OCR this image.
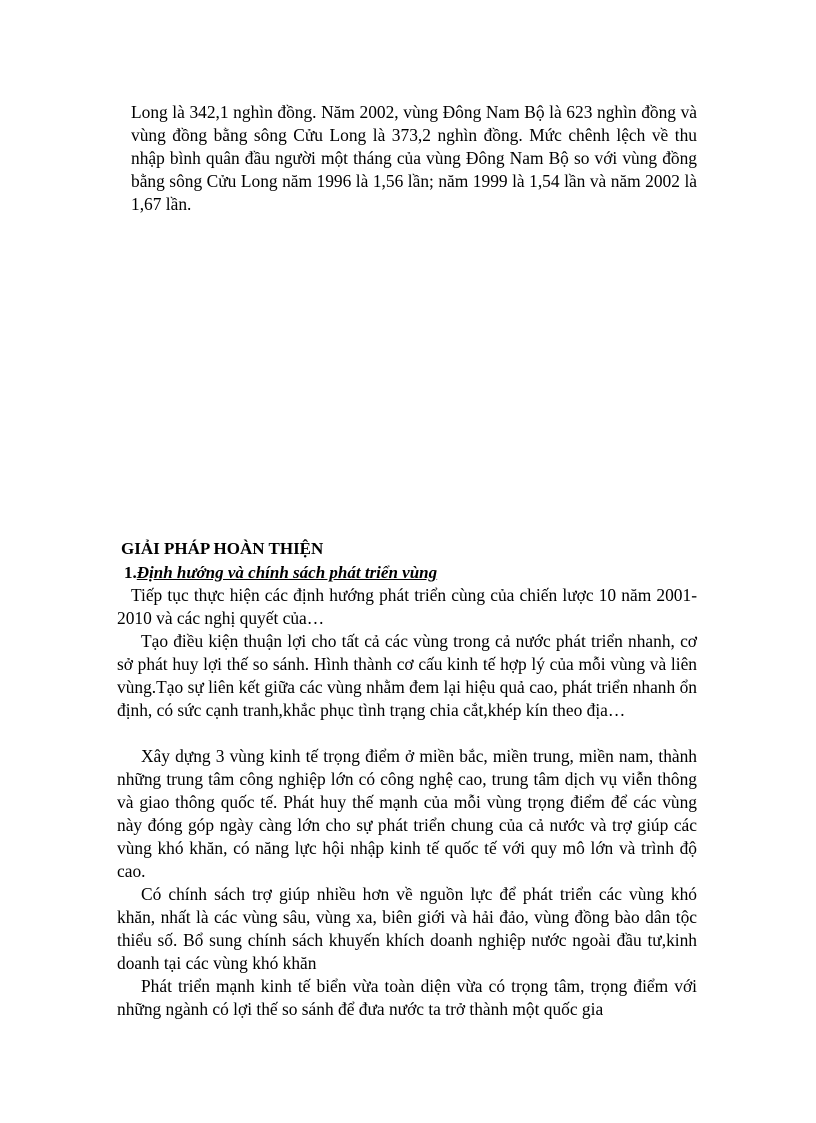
Long là 342,1 nghìn đồng. Năm 2002, vùng Đông Nam Bộ là 623 nghìn đồng và vùng đồng bằng sông Cửu Long là 373,2 nghìn đồng. Mức chênh lệch về thu nhập bình quân đầu người một tháng của vùng Đông Nam Bộ so với vùng đồng bằng sông Cửu Long năm 1996 là 1,56 lần; năm 1999 là 1,54 lần và năm 2002 là 1,67 lần.

GIẢI PHÁP HOÀN THIỆN
1.Định hướng và chính sách phát triển vùng

Tiếp tục thực hiện các định hướng phát triển cùng của chiến lược 10 năm 2001-2010 và các nghị quyết của…

Tạo điều kiện thuận lợi cho tất cả các vùng trong cả nước phát triển nhanh, cơ sở phát huy lợi thế so sánh. Hình thành cơ cấu kinh tế hợp lý của mỗi vùng và liên vùng.Tạo sự liên kết giữa các vùng nhằm đem lại hiệu quả cao, phát triển nhanh ổn định, có sức cạnh tranh,khắc phục tình trạng chia cắt,khép kín theo địa…

Xây dựng 3 vùng kinh tế trọng điểm ở miền bắc, miền trung, miền nam, thành những trung tâm công nghiệp lớn có công nghệ cao, trung tâm dịch vụ viễn thông và giao thông quốc tế. Phát huy thế mạnh của mỗi vùng trọng điểm để các vùng này đóng góp ngày càng lớn cho sự phát triển chung của cả nước và trợ giúp các vùng khó khăn, có năng lực hội nhập kinh tế quốc tế với quy mô lớn và trình độ cao.

Có chính sách trợ giúp nhiều hơn về nguồn lực để phát triển các vùng khó khăn, nhất là các vùng sâu, vùng xa, biên giới và hải đảo, vùng đồng bào dân tộc thiểu số. Bổ sung chính sách khuyến khích doanh nghiệp nước ngoài đầu tư,kinh doanh tại các vùng khó khăn

Phát triển mạnh kinh tế biển vừa toàn diện vừa có trọng tâm, trọng điểm với những ngành có lợi thế so sánh để đưa nước ta trở thành một quốc gia
